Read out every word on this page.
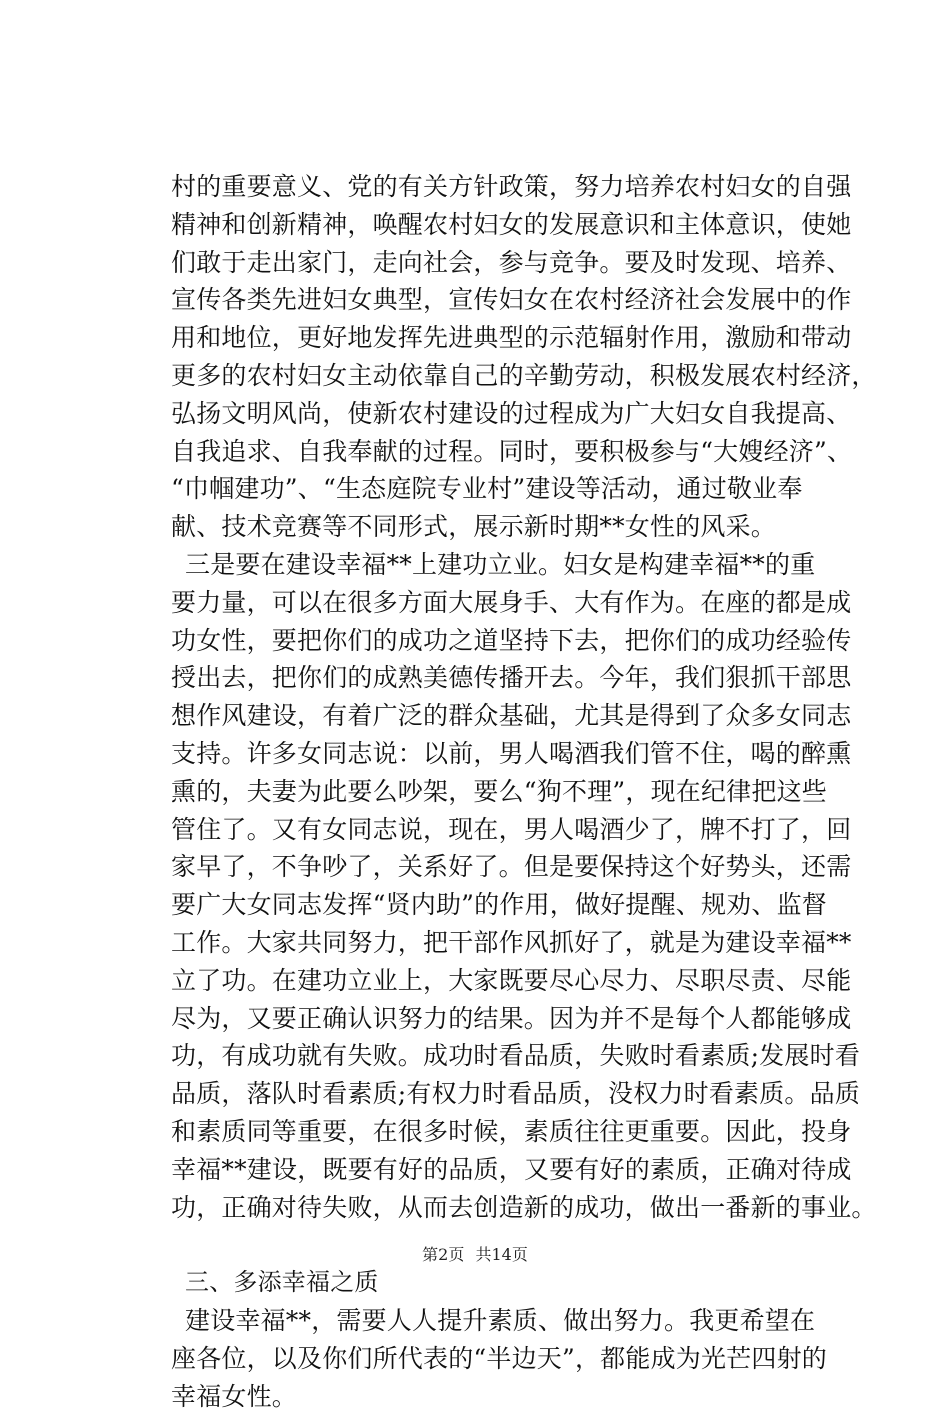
村的重要意义、党的有关方针政策，努力培养农村妇女的自强
精神和创新精神，唤醒农村妇女的发展意识和主体意识，使她
们敢于走出家门，走向社会，参与竞争。要及时发现、培养、
宣传各类先进妇女典型，宣传妇女在农村经济社会发展中的作
用和地位，更好地发挥先进典型的示范辐射作用，激励和带动
更多的农村妇女主动依靠自己的辛勤劳动，积极发展农村经济，
弘扬文明风尚，使新农村建设的过程成为广大妇女自我提高、
自我追求、自我奉献的过程。同时，要积极参与“大嫂经济”、
“巾帼建功”、“生态庭院专业村”建设等活动，通过敬业奉
献、技术竞赛等不同形式，展示新时期**女性的风采。
三是要在建设幸福**上建功立业。妇女是构建幸福**的重
要力量，可以在很多方面大展身手、大有作为。在座的都是成
功女性，要把你们的成功之道坚持下去，把你们的成功经验传
授出去，把你们的成熟美德传播开去。今年，我们狠抓干部思
想作风建设，有着广泛的群众基础，尤其是得到了众多女同志
支持。许多女同志说：以前，男人喝酒我们管不住，喝的醉熏
熏的，夫妻为此要么吵架，要么“狗不理”，现在纪律把这些
管住了。又有女同志说，现在，男人喝酒少了，牌不打了，回
家早了，不争吵了，关系好了。但是要保持这个好势头，还需
要广大女同志发挥“贤内助”的作用，做好提醒、规劝、监督
工作。大家共同努力，把干部作风抓好了，就是为建设幸福**
立了功。在建功立业上，大家既要尽心尽力、尽职尽责、尽能
尽为，又要正确认识努力的结果。因为并不是每个人都能够成
功，有成功就有失败。成功时看品质，失败时看素质;发展时看
品质，落队时看素质;有权力时看品质，没权力时看素质。品质
和素质同等重要，在很多时候，素质往往更重要。因此，投身
幸福**建设，既要有好的品质，又要有好的素质，正确对待成
功，正确对待失败，从而去创造新的成功，做出一番新的事业。
三、多添幸福之质
建设幸福**，需要人人提升素质、做出努力。我更希望在
座各位，以及你们所代表的“半边天”，都能成为光芒四射的
幸福女性。
第2页 共14页
